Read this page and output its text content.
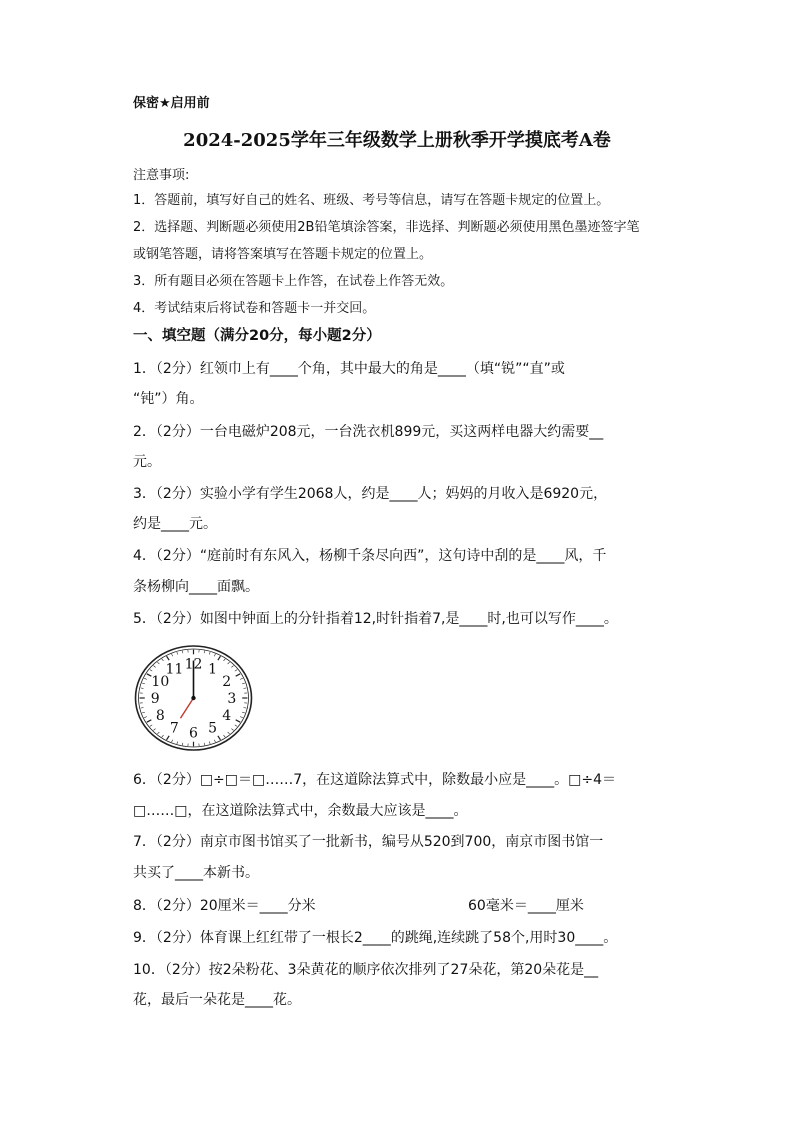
保密★启用前
2024-2025学年三年级数学上册秋季开学摸底考A卷
注意事项:
1．答题前，填写好自己的姓名、班级、考号等信息，请写在答题卡规定的位置上。
2．选择题、判断题必须使用2B铅笔填涂答案，非选择、判断题必须使用黑色墨迹签字笔
或钢笔答题，请将答案填写在答题卡规定的位置上。
3．所有题目必须在答题卡上作答，在试卷上作答无效。
4．考试结束后将试卷和答题卡一并交回。
一、填空题（满分20分，每小题2分）
1．（2分）红领巾上有____个角，其中最大的角是____（填“锐”“直”或
“钝”）角。
2．（2分）一台电磁炉208元，一台洗衣机899元，买这两样电器大约需要__
元。
3．（2分）实验小学有学生2068人，约是____人；妈妈的月收入是6920元，
约是____元。
4．（2分）“庭前时有东风入，杨柳千条尽向西”，这句诗中刮的是____风，千
条杨柳向____面飘。
5．（2分）如图中钟面上的分针指着12,时针指着7,是____时,也可以写作____。
12 1
2
3
4
5
6
7
8
9
10
11
6．（2分）□÷□＝□……7，在这道除法算式中，除数最小应是____。□÷4＝
□……□，在这道除法算式中，余数最大应该是____。
7．（2分）南京市图书馆买了一批新书，编号从520到700，南京市图书馆一
共买了____本新书。
8．（2分）20厘米＝____分米	60毫米＝____厘米
9．（2分）体育课上红红带了一根长2____的跳绳,连续跳了58个,用时30____。
10．（2分）按2朵粉花、3朵黄花的顺序依次排列了27朵花，第20朵花是__
花，最后一朵花是____花。
